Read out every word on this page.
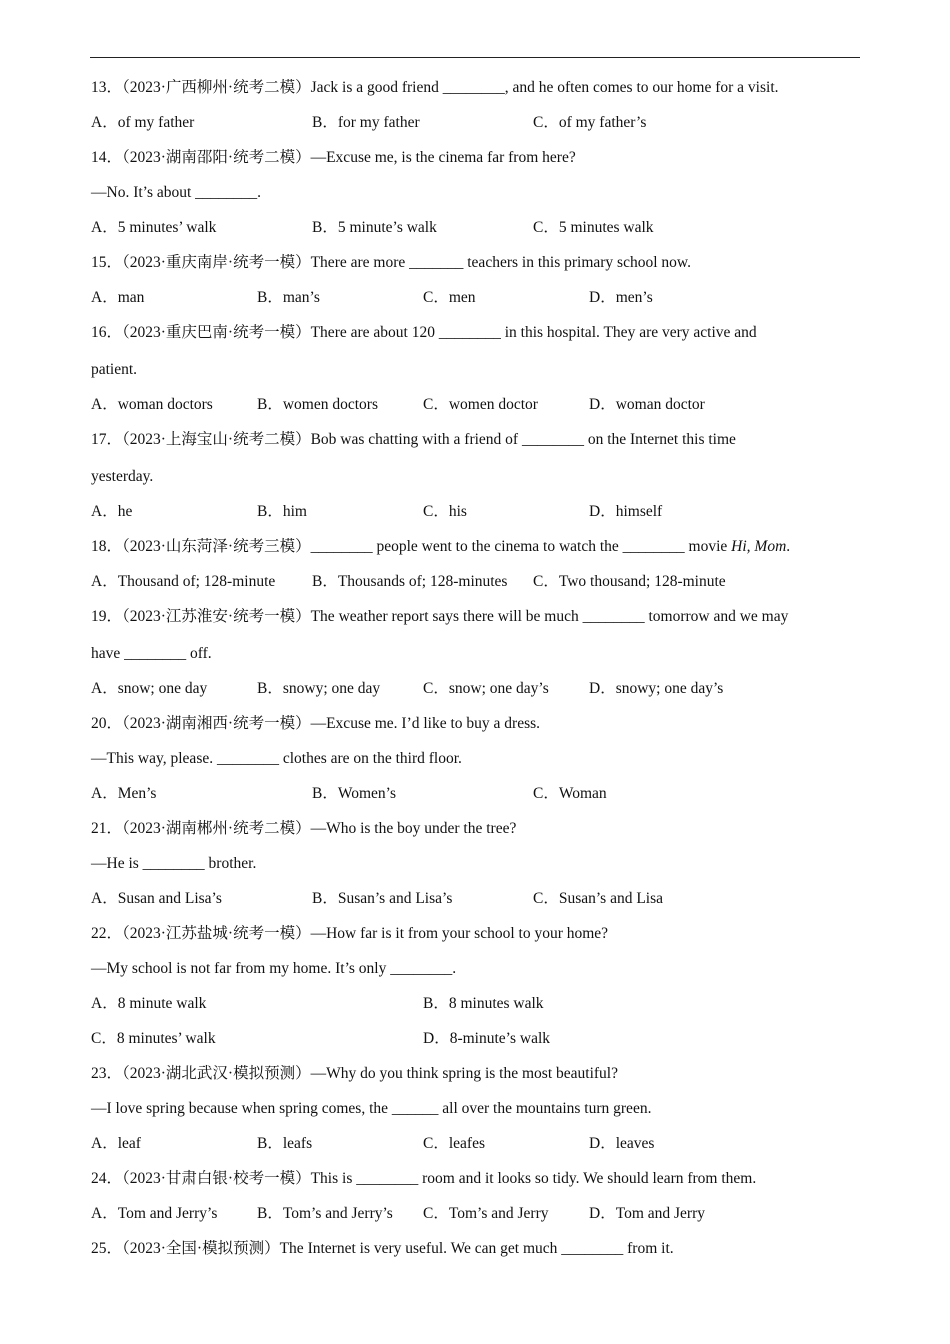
13．（2023·广西柳州·统考二模）Jack is a good friend ________, and he often comes to our home for a visit.
A．of my father	B．for my father	C．of my father’s
14．（2023·湖南邵阳·统考二模）—Excuse me, is the cinema far from here?
—No. It’s about ________.
A．5 minutes’ walk	B．5 minute’s walk	C．5 minutes walk
15．（2023·重庆南岸·统考一模）There are more _______ teachers in this primary school now.
A．man	B．man’s	C．men	D．men’s
16．（2023·重庆巴南·统考一模）There are about 120 ________ in this hospital. They are very active and
patient.
A．woman doctors	B．women doctors	C．women doctor	D．woman doctor
17．（2023·上海宝山·统考二模）Bob was chatting with a friend of ________ on the Internet this time
yesterday.
A．he	B．him	C．his	D．himself
18．（2023·山东菏泽·统考三模）________ people went to the cinema to watch the ________ movie Hi, Mom.
A．Thousand of; 128-minute B．Thousands of; 128-minutes C．Two thousand; 128-minute
19．（2023·江苏淮安·统考一模）The weather report says there will be much ________ tomorrow and we may
have ________ off.
A．snow; one day	B．snowy; one day	C．snow; one day’s	D．snowy; one day’s
20．（2023·湖南湘西·统考一模）—Excuse me. I’d like to buy a dress.
—This way, please. ________ clothes are on the third floor.
A．Men’s	B．Women’s	C．Woman
21．（2023·湖南郴州·统考二模）—Who is the boy under the tree?
—He is ________ brother.
A．Susan and Lisa’s	B．Susan’s and Lisa’s	C．Susan’s and Lisa
22．（2023·江苏盐城·统考一模）—How far is it from your school to your home?
—My school is not far from my home. It’s only ________.
A．8 minute walk	B．8 minutes walk
C．8 minutes’ walk	D．8-minute’s walk
23．（2023·湖北武汉·模拟预测）—Why do you think spring is the most beautiful?
—I love spring because when spring comes, the ______ all over the mountains turn green.
A．leaf	B．leafs	C．leafes	D．leaves
24．（2023·甘肃白银·校考一模）This is ________ room and it looks so tidy. We should learn from them.
A．Tom and Jerry’s	B．Tom’s and Jerry’s C．Tom’s and Jerry	D．Tom and Jerry
25．（2023·全国·模拟预测）The Internet is very useful. We can get much ________ from it.
